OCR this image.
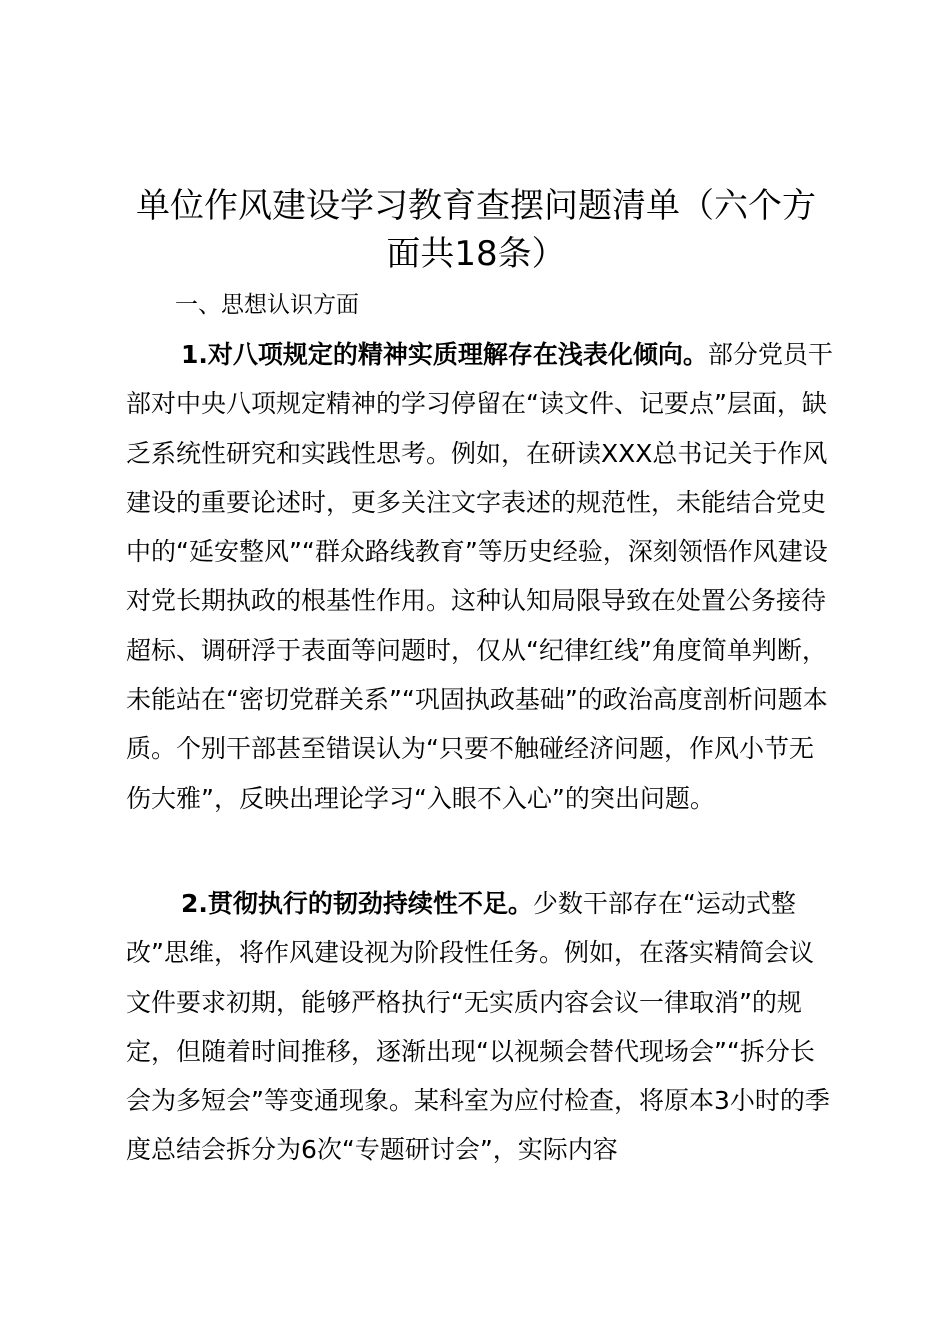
单位作风建设学习教育查摆问题清单（六个方面共18条）

一、思想认识方面

1.对八项规定的精神实质理解存在浅表化倾向。部分党员干部对中央八项规定精神的学习停留在“读文件、记要点”层面，缺乏系统性研究和实践性思考。例如，在研读XXX总书记关于作风建设的重要论述时，更多关注文字表述的规范性，未能结合党史中的“延安整风”“群众路线教育”等历史经验，深刻领悟作风建设对党长期执政的根基性作用。这种认知局限导致在处置公务接待超标、调研浮于表面等问题时，仅从“纪律红线”角度简单判断，未能站在“密切党群关系”“巩固执政基础”的政治高度剖析问题本质。个别干部甚至错误认为“只要不触碰经济问题，作风小节无伤大雅”，反映出理论学习“入眼不入心”的突出问题。

2.贯彻执行的韧劲持续性不足。少数干部存在“运动式整改”思维，将作风建设视为阶段性任务。例如，在落实精简会议文件要求初期，能够严格执行“无实质内容会议一律取消”的规定，但随着时间推移，逐渐出现“以视频会替代现场会”“拆分长会为多短会”等变通现象。某科室为应付检查，将原本3小时的季度总结会拆分为6次“专题研讨会”，实际内容
